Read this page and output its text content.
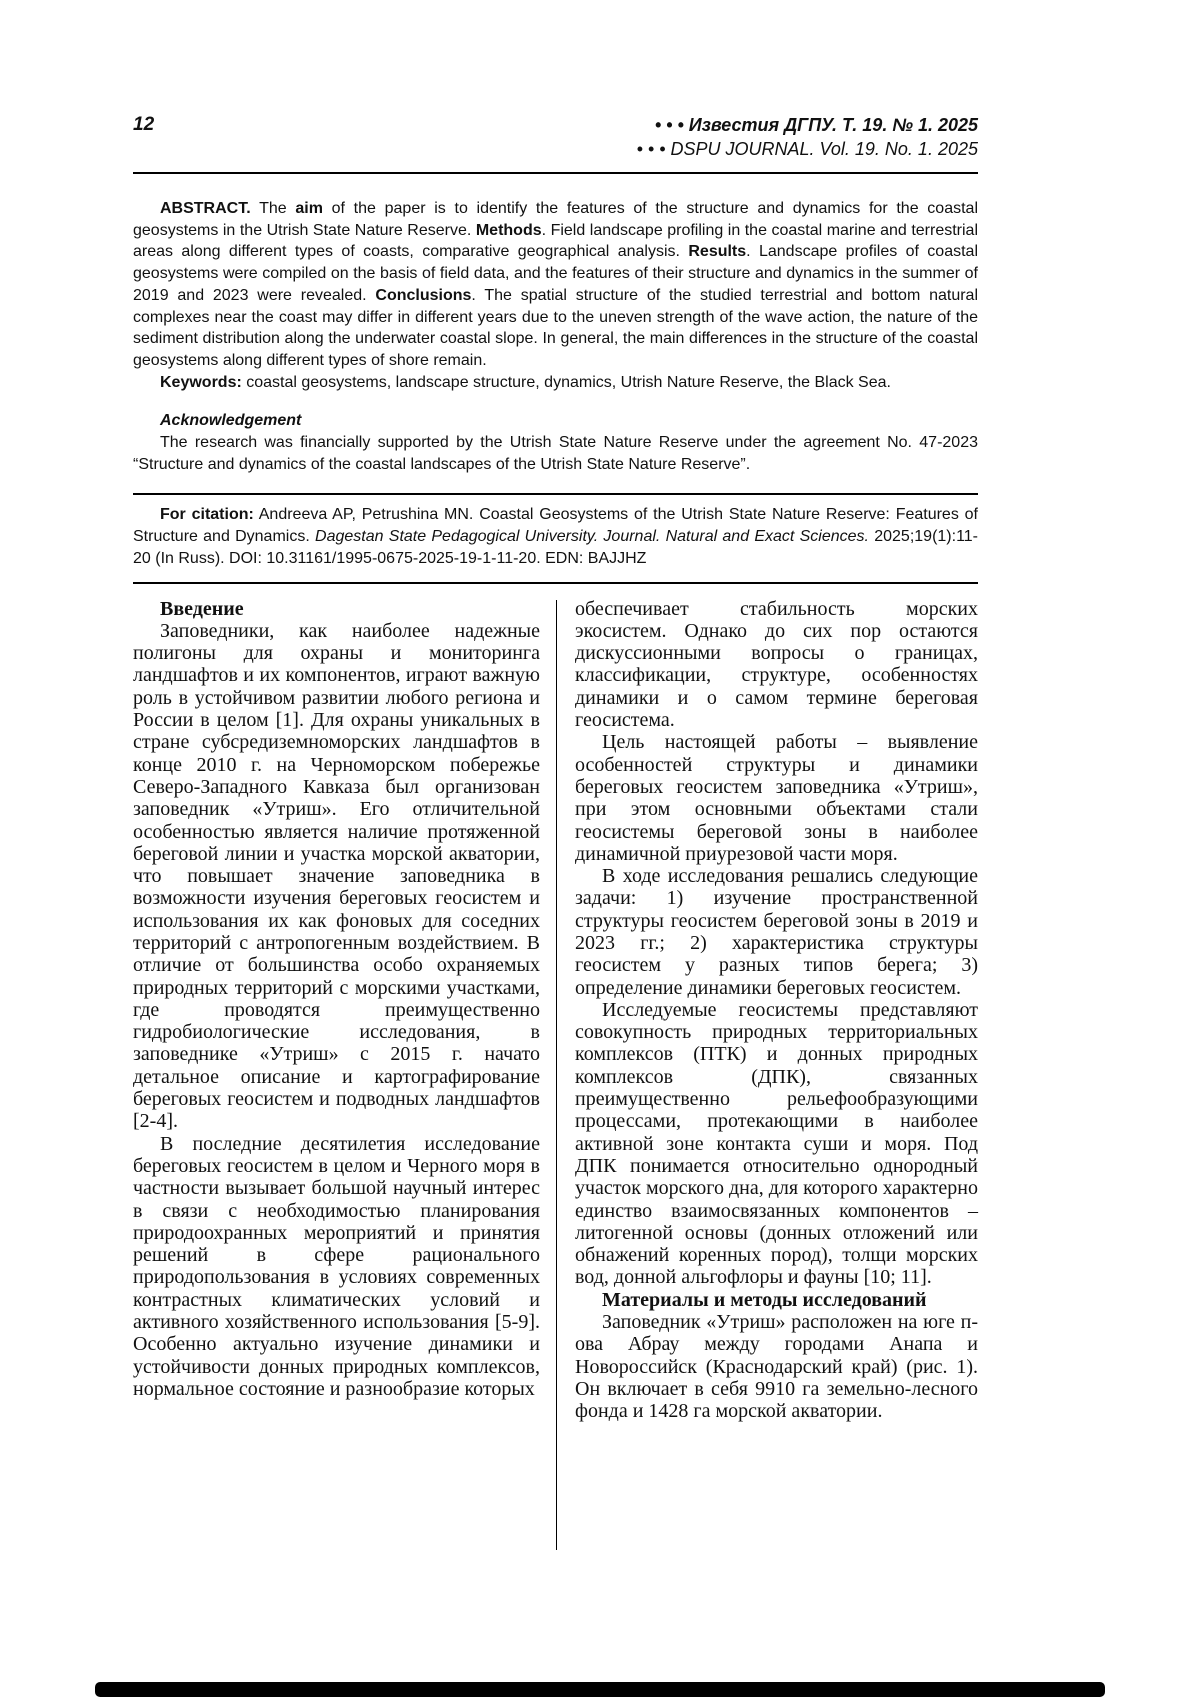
12	• • • Известия ДГПУ. Т. 19. № 1. 2025
• • • DSPU JOURNAL. Vol. 19. No. 1. 2025

ABSTRACT. The aim of the paper is to identify the features of the structure and dynamics for the coastal geosystems in the Utrish State Nature Reserve. Methods. Field landscape profiling in the coastal marine and terrestrial areas along different types of coasts, comparative geographical analysis. Results. Landscape profiles of coastal geosystems were compiled on the basis of field data, and the features of their structure and dynamics in the summer of 2019 and 2023 were revealed. Conclusions. The spatial structure of the studied terrestrial and bottom natural complexes near the coast may differ in different years due to the uneven strength of the wave action, the nature of the sediment distribution along the underwater coastal slope. In general, the main differences in the structure of the coastal geosystems along different types of shore remain.

Keywords: coastal geosystems, landscape structure, dynamics, Utrish Nature Reserve, the Black Sea.

Acknowledgement

The research was financially supported by the Utrish State Nature Reserve under the agreement No. 47-2023 “Structure and dynamics of the coastal landscapes of the Utrish State Nature Reserve”.

For citation: Andreeva AP, Petrushina MN. Coastal Geosystems of the Utrish State Nature Reserve: Features of Structure and Dynamics. Dagestan State Pedagogical University. Journal. Natural and Exact Sciences. 2025;19(1):11-20 (In Russ). DOI: 10.31161/1995-0675-2025-19-1-11-20. EDN: BAJJHZ

Введение

Заповедники, как наиболее надежные полигоны для охраны и мониторинга ландшафтов и их компонентов, играют важную роль в устойчивом развитии любого региона и России в целом [1]. Для охраны уникальных в стране субсредиземноморских ландшафтов в конце 2010 г. на Черноморском побережье Северо-Западного Кавказа был организован заповедник «Утриш». Его отличительной особенностью является наличие протяженной береговой линии и участка морской акватории, что повышает значение заповедника в возможности изучения береговых геосистем и использования их как фоновых для соседних территорий с антропогенным воздействием. В отличие от большинства особо охраняемых природных территорий с морскими участками, где проводятся преимущественно гидробиологические исследования, в заповеднике «Утриш» с 2015 г. начато детальное описание и картографирование береговых геосистем и подводных ландшафтов [2-4].

В последние десятилетия исследование береговых геосистем в целом и Черного моря в частности вызывает большой научный интерес в связи с необходимостью планирования природоохранных мероприятий и принятия решений в сфере рационального природопользования в условиях современных контрастных климатических условий и активного хозяйственного использования [5-9]. Особенно актуально изучение динамики и устойчивости донных природных комплексов, нормальное состояние и разнообразие которых

обеспечивает стабильность морских экосистем. Однако до сих пор остаются дискуссионными вопросы о границах, классификации, структуре, особенностях динамики и о самом термине береговая геосистема.

Цель настоящей работы – выявление особенностей структуры и динамики береговых геосистем заповедника «Утриш», при этом основными объектами стали геосистемы береговой зоны в наиболее динамичной приурезовой части моря.

В ходе исследования решались следующие задачи: 1) изучение пространственной структуры геосистем береговой зоны в 2019 и 2023 гг.; 2) характеристика структуры геосистем у разных типов берега; 3) определение динамики береговых геосистем.

Исследуемые геосистемы представляют совокупность природных территориальных комплексов (ПТК) и донных природных комплексов (ДПК), связанных преимущественно рельефообразующими процессами, протекающими в наиболее активной зоне контакта суши и моря. Под ДПК понимается относительно однородный участок морского дна, для которого характерно единство взаимосвязанных компонентов – литогенной основы (донных отложений или обнажений коренных пород), толщи морских вод, донной альгофлоры и фауны [10; 11].

Материалы и методы исследований

Заповедник «Утриш» расположен на юге п-ова Абрау между городами Анапа и Новороссийск (Краснодарский край) (рис. 1). Он включает в себя 9910 га земельно-лесного фонда и 1428 га морской акватории.
